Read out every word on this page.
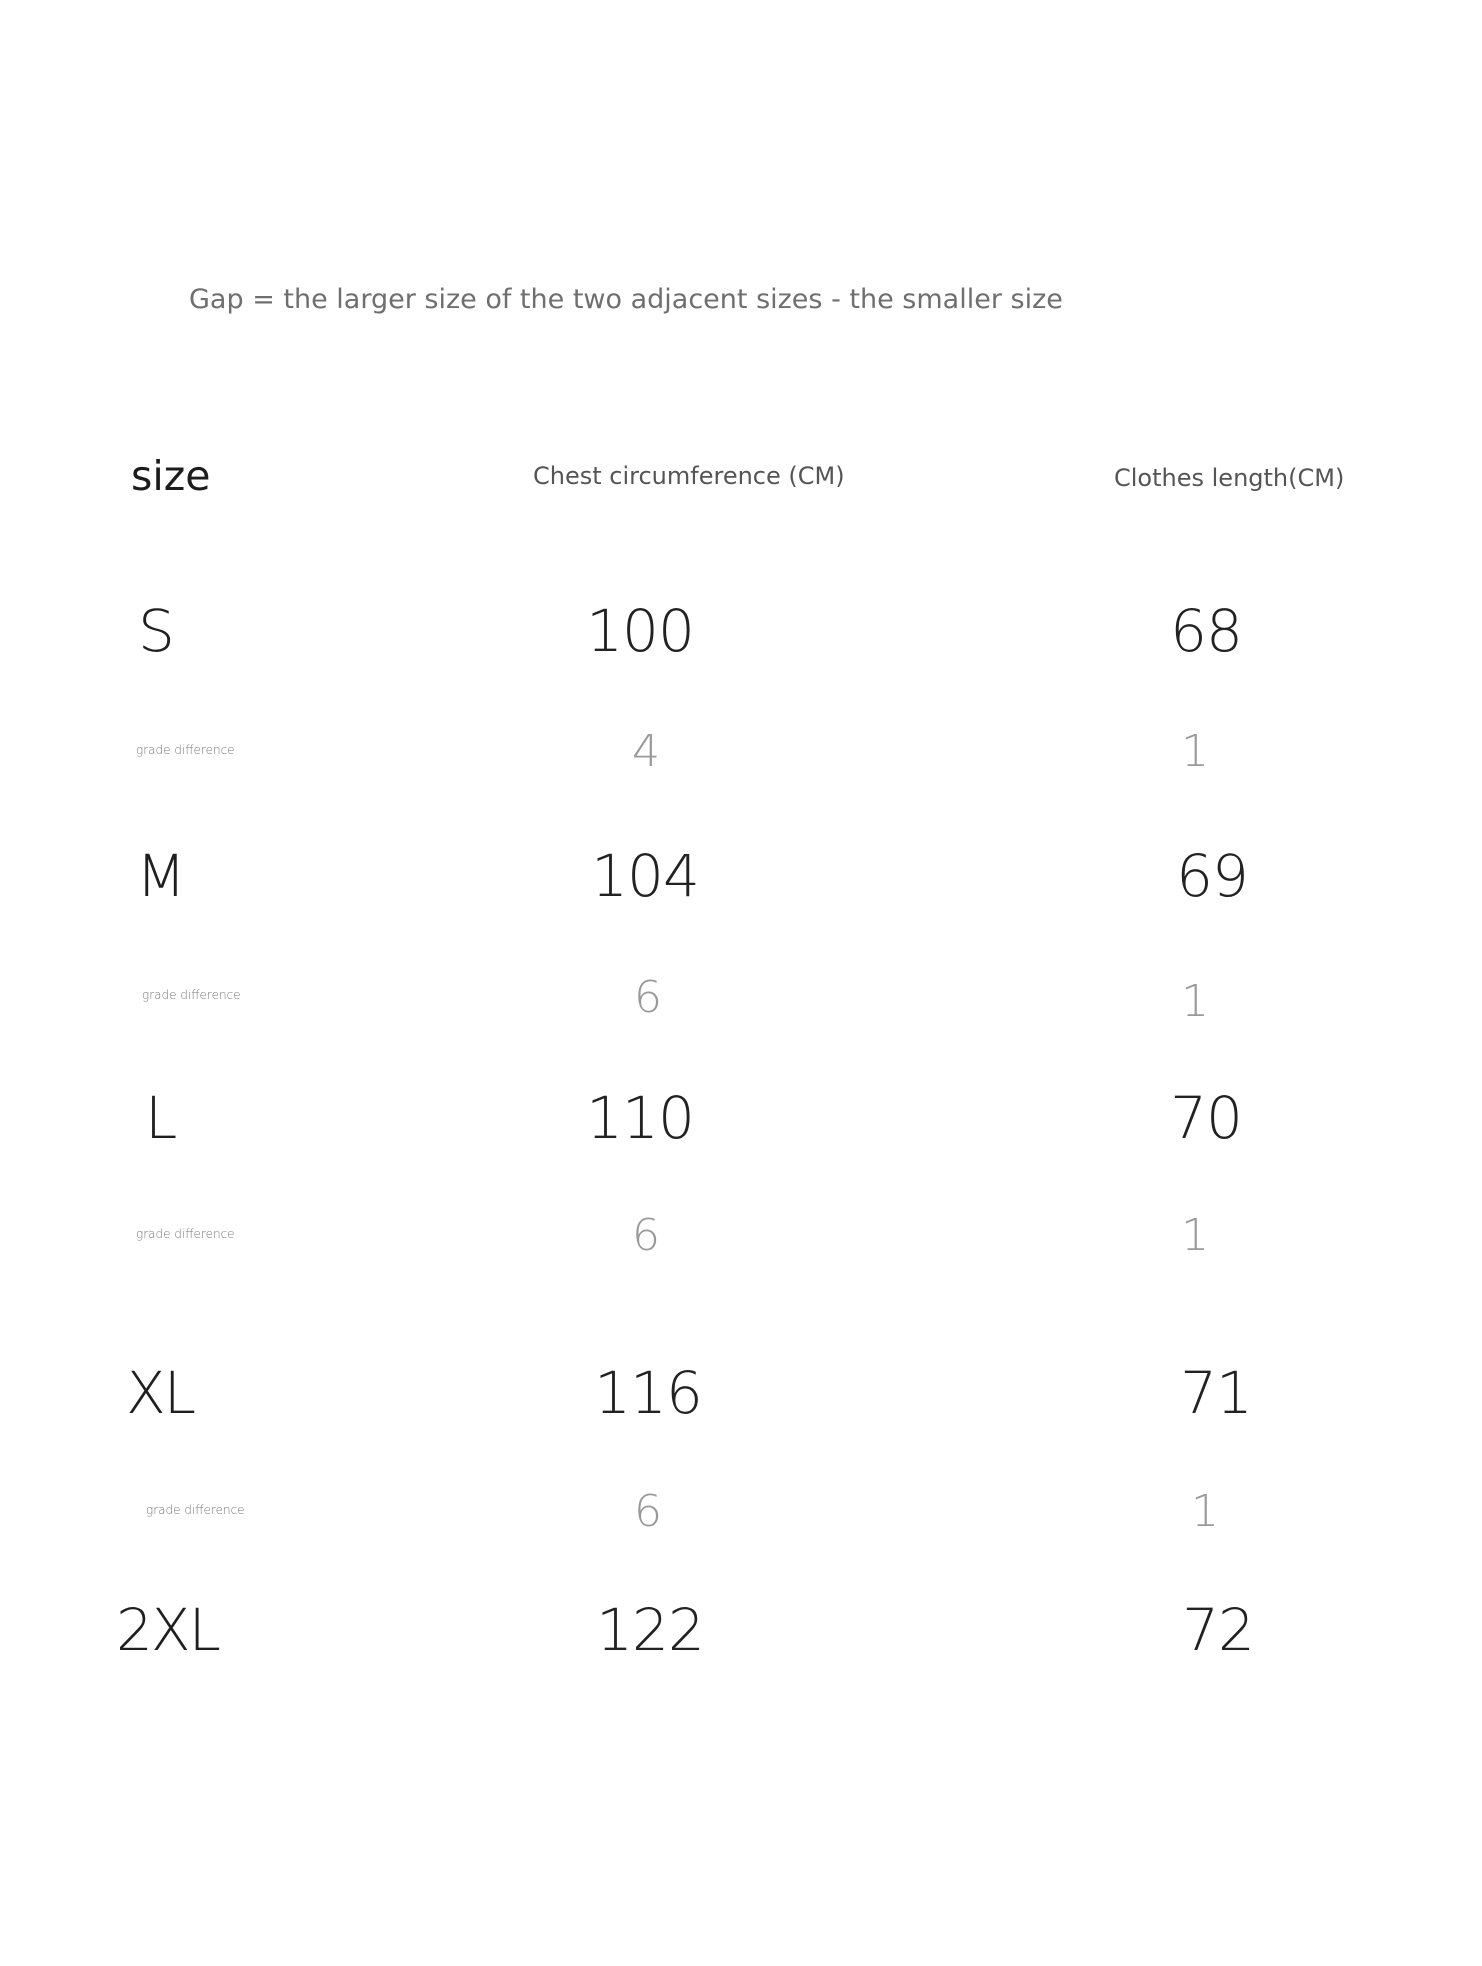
Gap = the larger size of the two adjacent sizes - the smaller size
size	Chest circumference (CM)	Clothes length(CM)
S	100	68
grade difference	4	1
M	104	69
grade difference	6	1
L	110	70
grade difference	6	1
XL	116	71
grade difference	6	1
2XL	122	72
